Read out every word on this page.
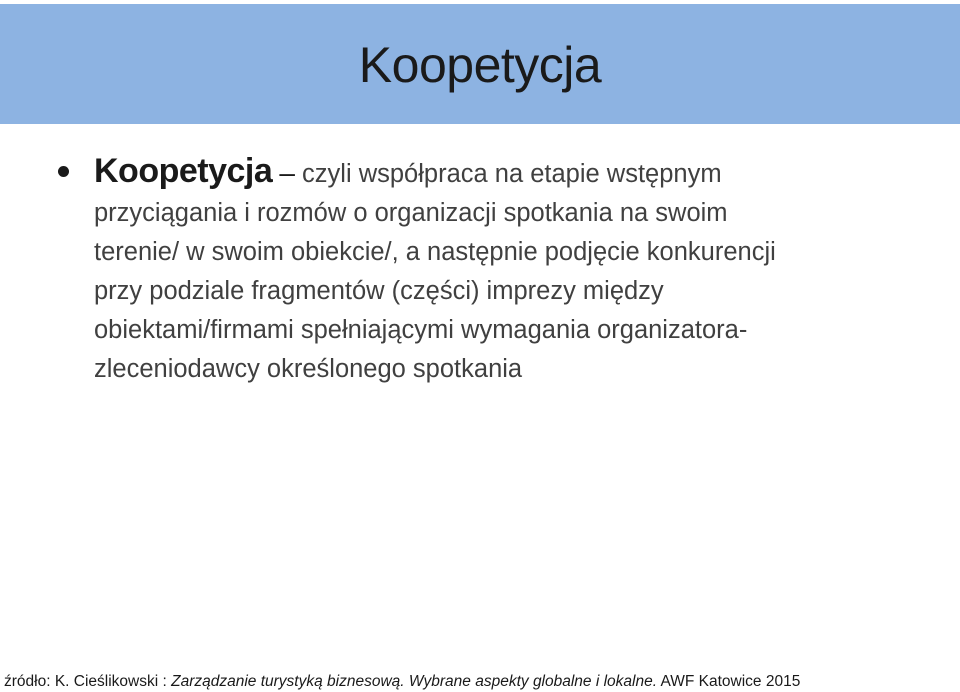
Koopetycja
Koopetycja – czyli współpraca na etapie wstępnym
przyciągania i rozmów o organizacji spotkania na swoim
terenie/ w swoim obiekcie/, a następnie podjęcie konkurencji
przy podziale fragmentów (części) imprezy między
obiektami/firmami spełniającymi wymagania organizatora-
zleceniodawcy określonego spotkania
źródło: K. Cieślikowski : Zarządzanie turystyką biznesową. Wybrane aspekty globalne i lokalne. AWF Katowice 2015
